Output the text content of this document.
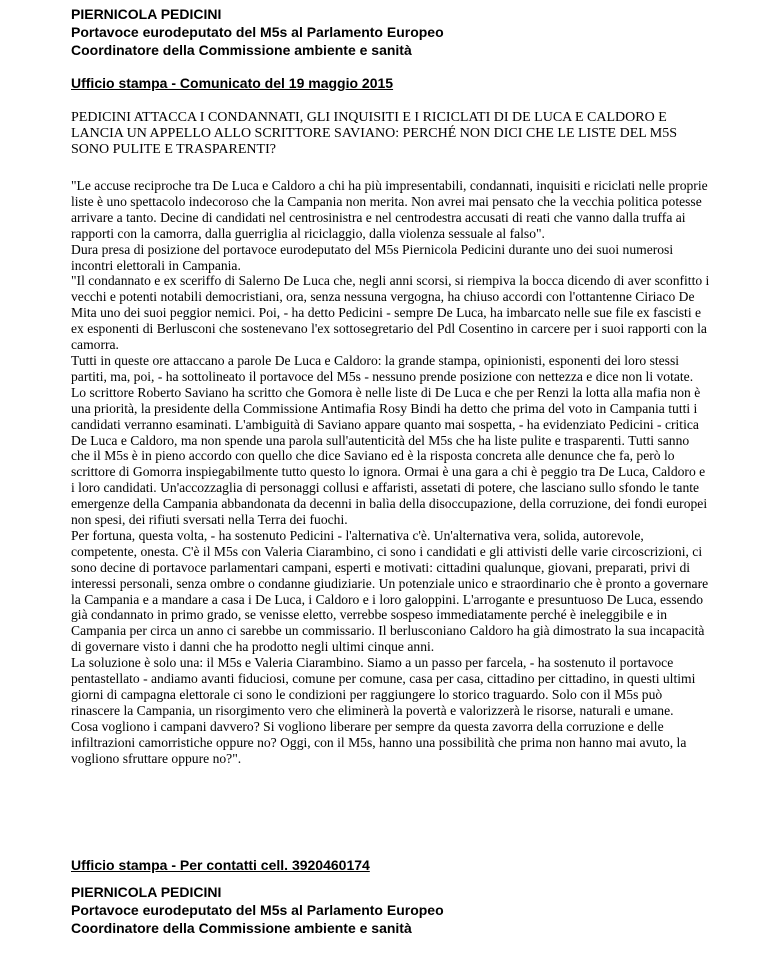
PIERNICOLA PEDICINI
Portavoce eurodeputato del M5s al Parlamento Europeo
Coordinatore della Commissione ambiente e sanità
Ufficio stampa - Comunicato del 19 maggio 2015
PEDICINI ATTACCA I CONDANNATI, GLI INQUISITI E I RICICLATI DI DE LUCA E CALDORO E LANCIA UN APPELLO ALLO SCRITTORE SAVIANO: PERCHÉ NON DICI CHE LE LISTE DEL M5S SONO PULITE E TRASPARENTI?

"Le accuse reciproche tra De Luca e Caldoro a chi ha più impresentabili, condannati, inquisiti e riciclati nelle proprie liste è uno spettacolo indecoroso che la Campania non merita. Non avrei mai pensato che la vecchia politica potesse arrivare a tanto. Decine di candidati nel centrosinistra e nel centrodestra accusati di reati che vanno dalla truffa ai rapporti con la camorra, dalla guerriglia al riciclaggio, dalla violenza sessuale al falso".

Dura presa di posizione del portavoce eurodeputato del M5s Piernicola Pedicini durante uno dei suoi numerosi incontri elettorali in Campania.

"Il condannato e ex sceriffo di Salerno De Luca che, negli anni scorsi, si riempiva la bocca dicendo di aver sconfitto i vecchi e potenti notabili democristiani, ora, senza nessuna vergogna, ha chiuso accordi con l'ottantenne Ciriaco De Mita uno dei suoi peggior nemici. Poi, - ha detto Pedicini - sempre De Luca, ha imbarcato nelle sue file ex fascisti e ex esponenti di Berlusconi che sostenevano l'ex sottosegretario del Pdl Cosentino in carcere per i suoi rapporti con la camorra.

Tutti in queste ore attaccano a parole De Luca e Caldoro: la grande stampa, opinionisti, esponenti dei loro stessi partiti, ma, poi, - ha sottolineato il portavoce del M5s - nessuno prende posizione con nettezza e dice non li votate. Lo scrittore Roberto Saviano ha scritto che Gomora è nelle liste di De Luca e che per Renzi la lotta alla mafia non è una priorità, la presidente della Commissione Antimafia Rosy Bindi ha detto che prima del voto in Campania tutti i candidati verranno esaminati. L'ambiguità di Saviano appare quanto mai sospetta, - ha evidenziato Pedicini - critica De Luca e Caldoro, ma non spende una parola sull'autenticità del M5s che ha liste pulite e trasparenti. Tutti sanno che il M5s è in pieno accordo con quello che dice Saviano ed è la risposta concreta alle denunce che fa, però lo scrittore di Gomorra inspiegabilmente tutto questo lo ignora. Ormai è una gara a chi è peggio tra De Luca, Caldoro e i loro candidati. Un'accozzaglia di personaggi collusi e affaristi, assetati di potere, che lasciano sullo sfondo le tante emergenze della Campania abbandonata da decenni in balìa della disoccupazione, della corruzione, dei fondi europei non spesi, dei rifiuti sversati nella Terra dei fuochi.

Per fortuna, questa volta, - ha sostenuto Pedicini - l'alternativa c'è. Un'alternativa vera, solida, autorevole, competente, onesta. C'è il M5s con Valeria Ciarambino, ci sono i candidati e gli attivisti delle varie circoscrizioni, ci sono decine di portavoce parlamentari campani, esperti e motivati: cittadini qualunque, giovani, preparati, privi di interessi personali, senza ombre o condanne giudiziarie. Un potenziale unico e straordinario che è pronto a governare la Campania e a mandare a casa i De Luca, i Caldoro e i loro galoppini. L'arrogante e presuntuoso De Luca, essendo già condannato in primo grado, se venisse eletto, verrebbe sospeso immediatamente perché è ineleggibile e in Campania per circa un anno ci sarebbe un commissario. Il berlusconiano Caldoro ha già dimostrato la sua incapacità di governare visto i danni che ha prodotto negli ultimi cinque anni.

La soluzione è solo una: il M5s e Valeria Ciarambino. Siamo a un passo per farcela, - ha sostenuto il portavoce pentastellato - andiamo avanti fiduciosi, comune per comune, casa per casa, cittadino per cittadino, in questi ultimi giorni di campagna elettorale ci sono le condizioni per raggiungere lo storico traguardo. Solo con il M5s può rinascere la Campania, un risorgimento vero che eliminerà la povertà e valorizzerà le risorse, naturali e umane.

Cosa vogliono i campani davvero? Si vogliono liberare per sempre da questa zavorra della corruzione e delle infiltrazioni camorristiche oppure no? Oggi, con il M5s, hanno una possibilità che prima non hanno mai avuto, la vogliono sfruttare oppure no?".

Ufficio stampa - Per contatti cell. 3920460174
PIERNICOLA PEDICINI
Portavoce eurodeputato del M5s al Parlamento Europeo
Coordinatore della Commissione ambiente e sanità
